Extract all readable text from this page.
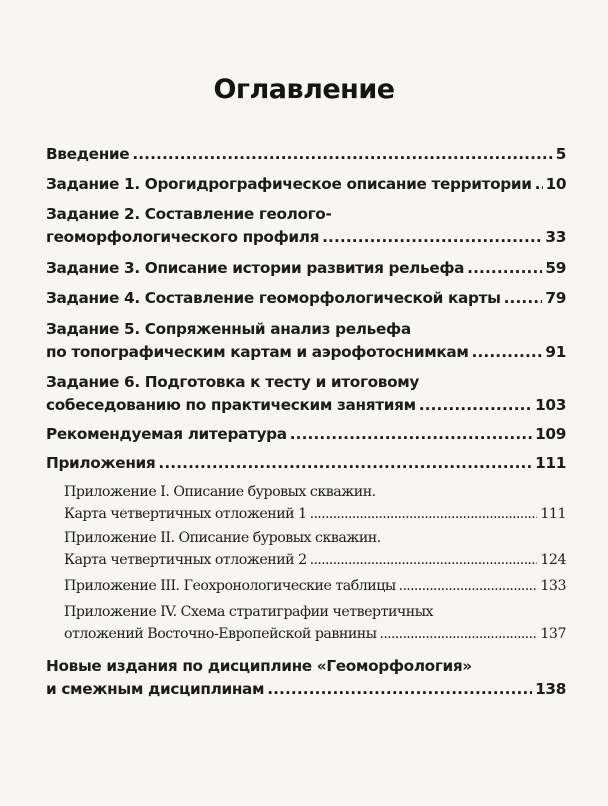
Оглавление
Введение . . .	5
Задание 1. Орогидрографическое описание территории . . . 10
Задание 2. Составление геолого-
геоморфологического профиля . . .	33
Задание 3. Описание истории развития рельефа . . .	59
Задание 4. Составление геоморфологической карты . . .	79
Задание 5. Сопряженный анализ рельефа
по топографическим картам и аэрофотоснимкам . . .	91
Задание 6. Подготовка к тесту и итоговому
собеседованию по практическим занятиям . . .	103
Рекомендуемая литература . . .	109
Приложения . . .	111
Приложение I. Описание буровых скважин.
Карта четвертичных отложений 1 . . .	111
Приложение II. Описание буровых скважин.
Карта четвертичных отложений 2 . . .	124
Приложение III. Геохронологические таблицы . . .	133
Приложение IV. Схема стратиграфии четвертичных
отложений Восточно-Европейской равнины . . .	137
Новые издания по дисциплине «Геоморфология»
и смежным дисциплинам . . .	138
